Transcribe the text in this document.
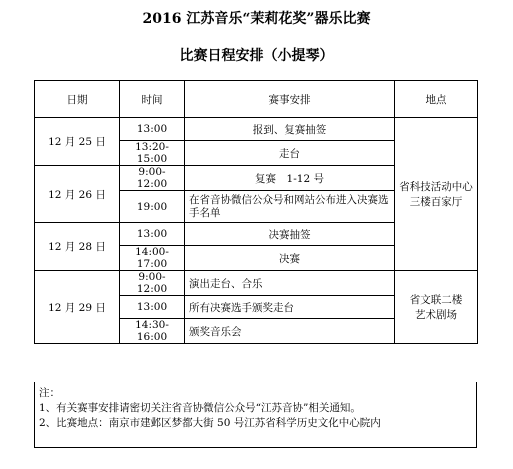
2016 江苏音乐“茉莉花奖”器乐比赛
比赛日程安排（小提琴）
日期	时间	赛事安排	地点
12 月 25 日	13:00	报到、复赛抽签	省科技活动中心
三楼百家厅

	13:20-15:00	走台	
12 月 26 日	9:00-12:00	复赛　1-12 号	
	19:00	在省音协微信公众号和网站公布进入决赛选手名单	
12 月 28 日	13:00	决赛抽签	
	14:00-17:00	决赛	
12 月 29 日	9:00-12:00	演出走台、合乐	省文联二楼
艺术剧场

	13:00	所有决赛选手颁奖走台	
	14:30-16:00	颁奖音乐会	
注：
1、有关赛事安排请密切关注省音协微信公众号“江苏音协”相关通知。
2、比赛地点：南京市建邺区梦都大街 50 号江苏省科学历史文化中心院内
